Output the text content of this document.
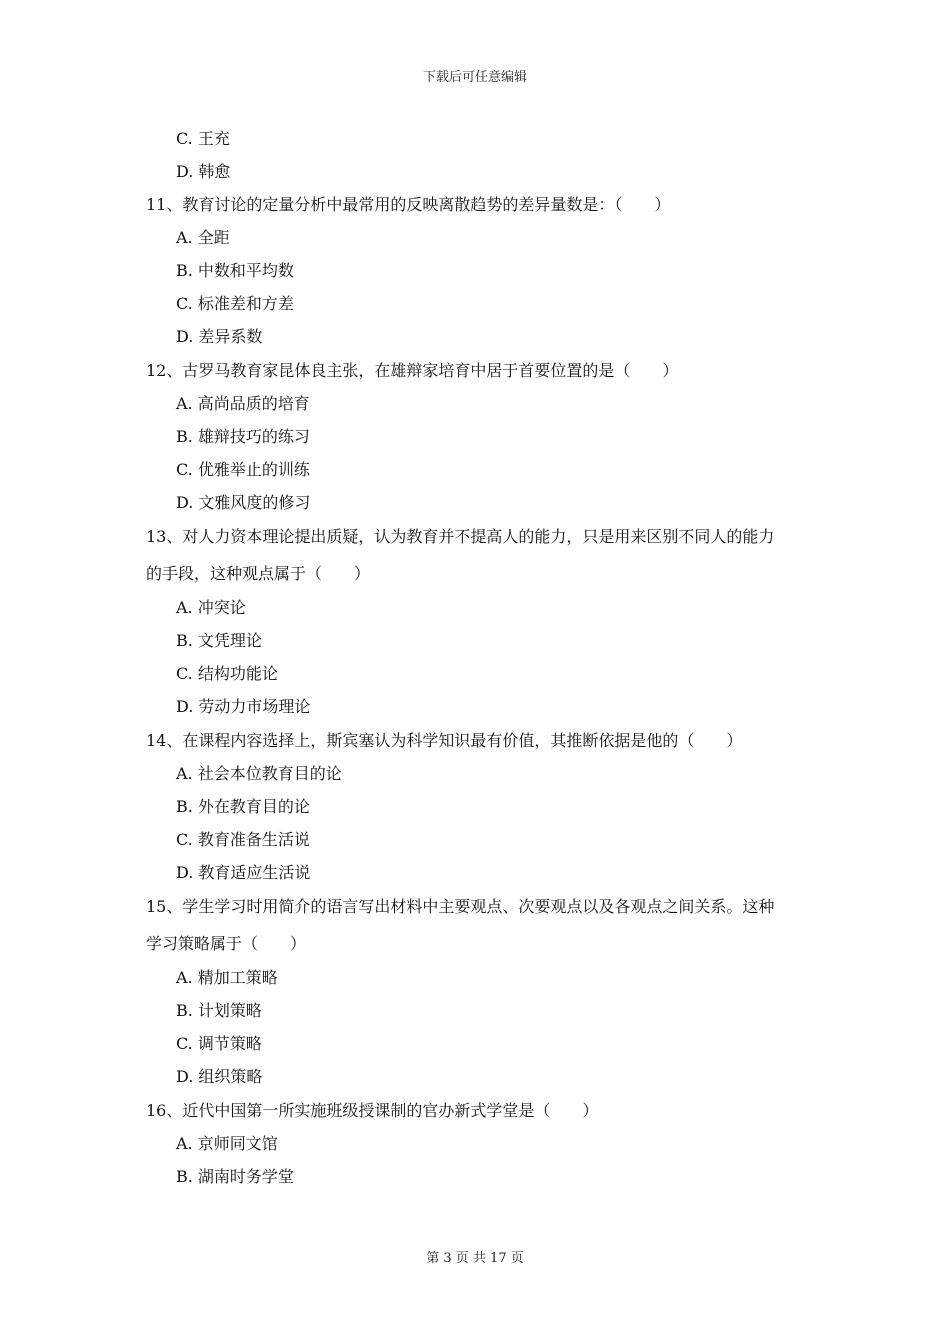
下载后可任意编辑
C. 王充
D. 韩愈
11、教育讨论的定量分析中最常用的反映离散趋势的差异量数是：（　　）
A. 全距
B. 中数和平均数
C. 标准差和方差
D. 差异系数
12、古罗马教育家昆体良主张，在雄辩家培育中居于首要位置的是（　　）
A. 高尚品质的培育
B. 雄辩技巧的练习
C. 优雅举止的训练
D. 文雅风度的修习
13、对人力资本理论提出质疑，认为教育并不提高人的能力，只是用来区别不同人的能力
的手段，这种观点属于（　　）
A. 冲突论
B. 文凭理论
C. 结构功能论
D. 劳动力市场理论
14、在课程内容选择上，斯宾塞认为科学知识最有价值，其推断依据是他的（　　）
A. 社会本位教育目的论
B. 外在教育目的论
C. 教育准备生活说
D. 教育适应生活说
15、学生学习时用简介的语言写出材料中主要观点、次要观点以及各观点之间关系。这种
学习策略属于（　　）
A. 精加工策略
B. 计划策略
C. 调节策略
D. 组织策略
16、近代中国第一所实施班级授课制的官办新式学堂是（　　）
A. 京师同文馆
B. 湖南时务学堂
第 3 页 共 17 页
